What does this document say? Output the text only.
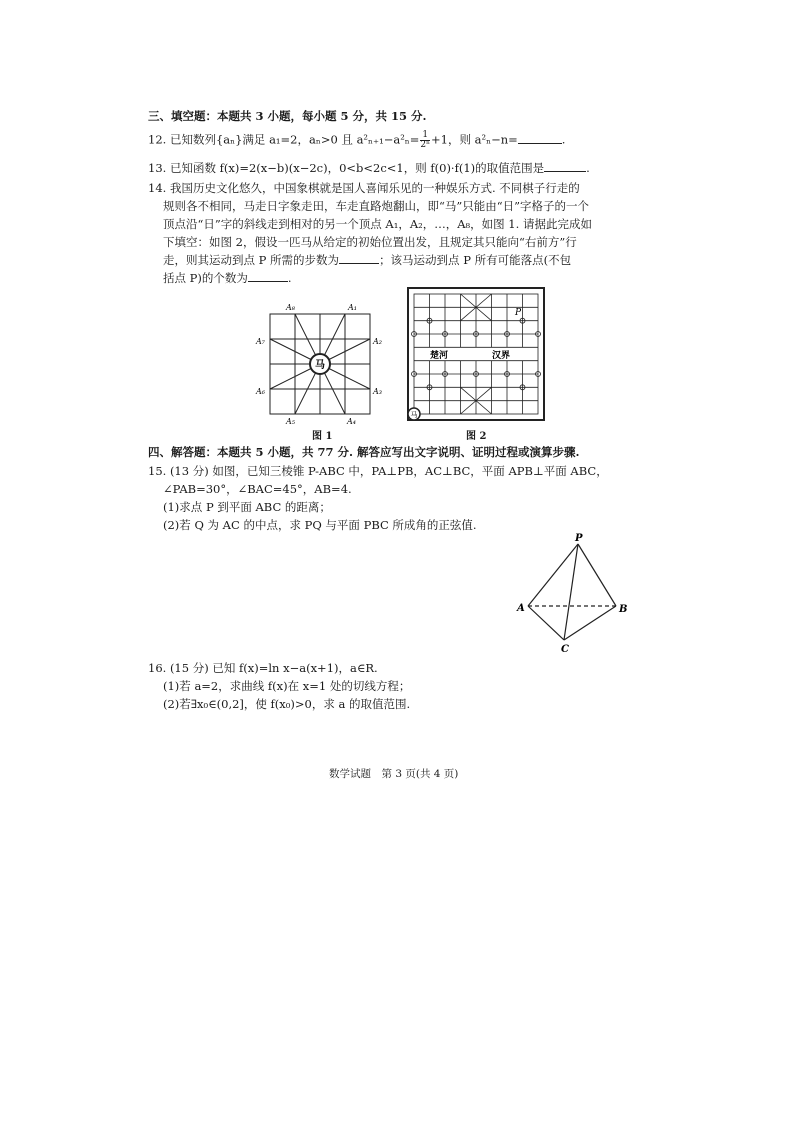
三、填空题：本题共 3 小题，每小题 5 分，共 15 分.
12. 已知数列{aₙ}满足 a₁=2，aₙ>0 且 $a^2_{n+1}-a^2_n= \frac{1}{\text{2ⁿ}} +1$，则 a²ₙ−n=	.
13. 已知函数 f(x)=2(x−b)(x−2c)，0<b<2c<1，则 f(0)·f(1)的取值范围是	.
14. 我国历史文化悠久，中国象棋就是国人喜闻乐见的一种娱乐方式. 不同棋子行走的
规则各不相同，马走日字象走田，车走直路炮翻山，即“马”只能由“日”字格子的一个
顶点沿“日”字的斜线走到相对的另一个顶点 A₁，A₂，…，A₈，如图 1. 请据此完成如
下填空：如图 2，假设一匹马从给定的初始位置出发，且规定其只能向“右前方”行
走，则其运动到点 P 所需的步数为	；该马运动到点 P 所有可能落点(不包
括点 P)的个数为	.
马
A₁
A₂
A₃
A₄
A₅
A₆
A₇
A₈
图 1
楚河	汉界
P
马
图 2
四、解答题：本题共 5 小题，共 77 分. 解答应写出文字说明、证明过程或演算步骤.
15. (13 分) 如图，已知三棱锥 P-ABC 中，PA⊥PB，AC⊥BC，平面 APB⊥平面 ABC，
∠PAB=30°，∠BAC=45°，AB=4.
(1)求点 P 到平面 ABC 的距离；
(2)若 Q 为 AC 的中点，求 PQ 与平面 PBC 所成角的正弦值.
P
A	B
C
16. (15 分) 已知 f(x)=ln x−a(x+1)，a∈R.
(1)若 a=2，求曲线 f(x)在 x=1 处的切线方程；
(2)若∃x₀∈(0,2]，使 f(x₀)>0，求 a 的取值范围.
数学试题　第 3 页(共 4 页)
